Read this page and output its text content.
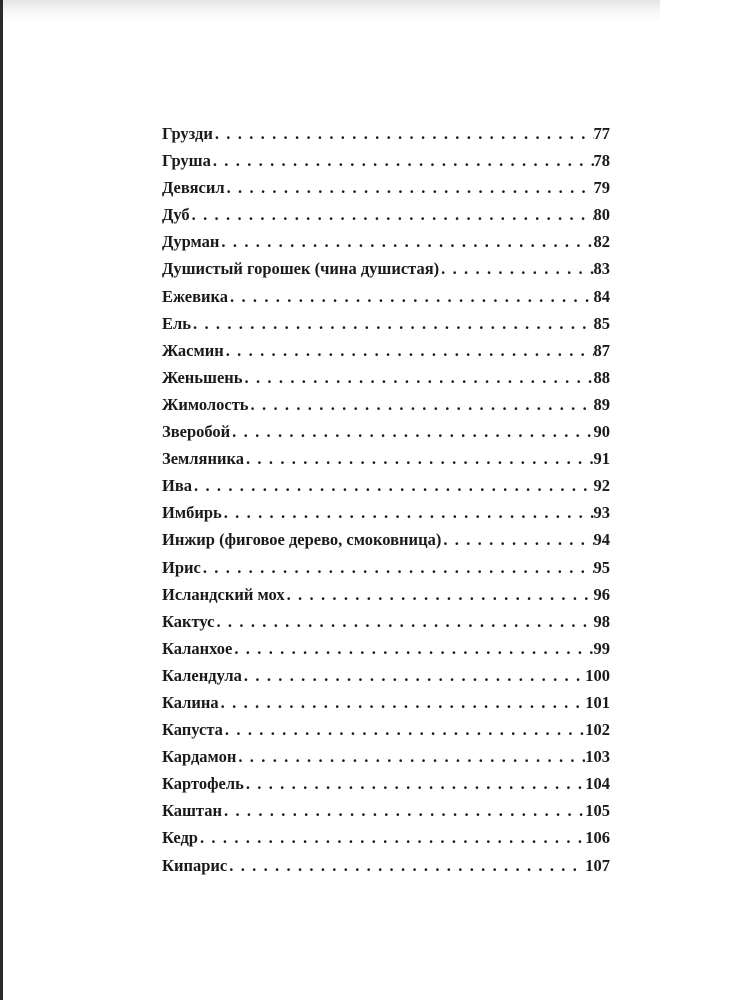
Грузди . . .	77
Груша . . .	78
Девясил . . .	79
Дуб . . .	80
Дурман . . .	82
Душистый горошек (чина душистая) . . .	83
Ежевика . . .	84
Ель . . .	85
Жасмин . . .	87
Женьшень . . .	88
Жимолость . . .	89
Зверобой . . .	90
Земляника . . .	91
Ива . . .	92
Имбирь . . .	93
Инжир (фиговое дерево, смоковница) . . .	94
Ирис . . .	95
Исландский мох . . .	96
Кактус . . .	98
Каланхое . . .	99
Календула . . .	100
Калина . . .	101
Капуста . . .	102
Кардамон . . .	103
Картофель . . .	104
Каштан . . .	105
Кедр . . .	106
Кипарис . . .	107
